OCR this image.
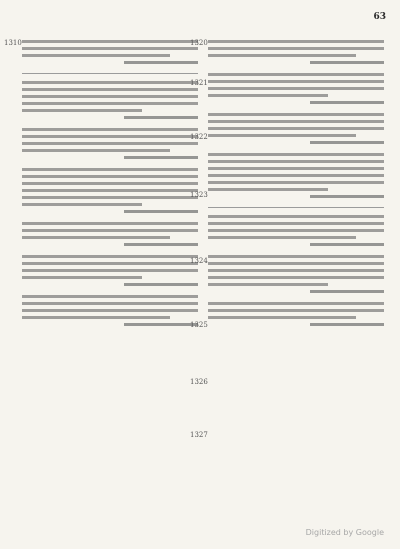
63
1310	1320
1321
1322
1323
1324
1325
1326
1327
Digitized by Google
